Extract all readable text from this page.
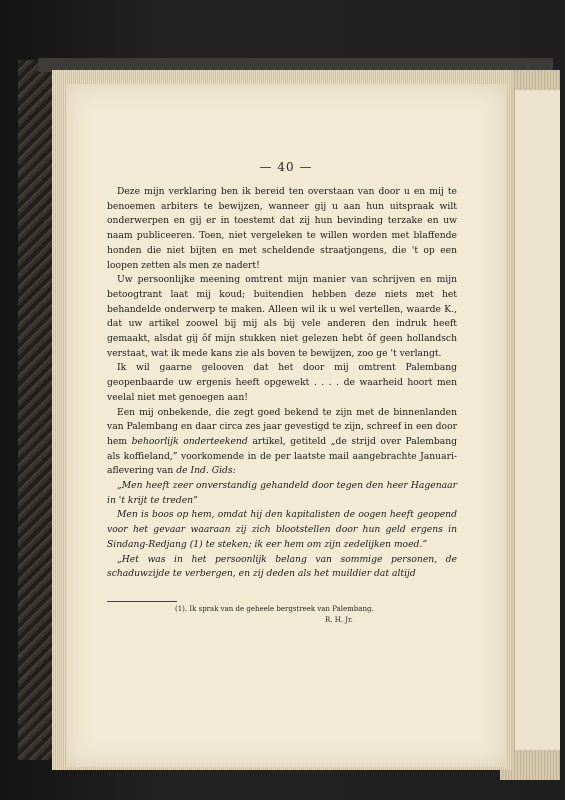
— 40 —

Deze mijn verklaring ben ik bereid ten overstaan van door u en mij te benoemen arbiters te bewijzen, wanneer gij u aan hun uitspraak wilt onderwerpen en gij er in toestemt dat zij hun bevinding terzake en uw naam publiceeren. Toen, niet vergeleken te willen worden met blaffende honden die niet bijten en met scheldende straatjongens, die 't op een loopen zetten als men ze nadert!

Uw persoonlijke meening omtrent mijn manier van schrijven en mijn betoogtrant laat mij koud; buitendien hebben deze niets met het behandelde onderwerp te maken. Alleen wil ik u wel vertellen, waarde K., dat uw artikel zoowel bij mij als bij vele anderen den indruk heeft gemaakt, alsdat gij ôf mijn stukken niet gelezen hebt ôf geen hollandsch verstaat, wat ik mede kans zie als boven te bewijzen, zoo ge 't verlangt.

Ik wil gaarne gelooven dat het door mij omtrent Palembang geopenbaarde uw ergenis heeft opgewekt . . . . de waarheid hoort men veelal niet met genoegen aan!

Een mij onbekende, die zegt goed bekend te zijn met de binnenlanden van Palembang en daar circa zes jaar gevestigd te zijn, schreef in een door hem behoorlijk onderteekend artikel, getiteld „de strijd over Palembang als koffieland,” voorkomende in de per laatste mail aangebrachte Januari-aflevering van de Ind. Gids:

„Men heeft zeer onverstandig gehandeld door tegen den heer Hagenaar in 't krijt te treden”

Men is boos op hem, omdat hij den kapitalisten de oogen heeft geopend voor het gevaar waaraan zij zich blootstellen door hun geld ergens in Sindang-Redjang (1) te steken; ik eer hem om zijn zedelijken moed.”

„Het was in het persoonlijk belang van sommige personen, de schaduwzijde te verbergen, en zij deden als het muildier dat altijd

(1). Ik sprak van de geheele bergstreek van Palembang.
R. H. Jr.
